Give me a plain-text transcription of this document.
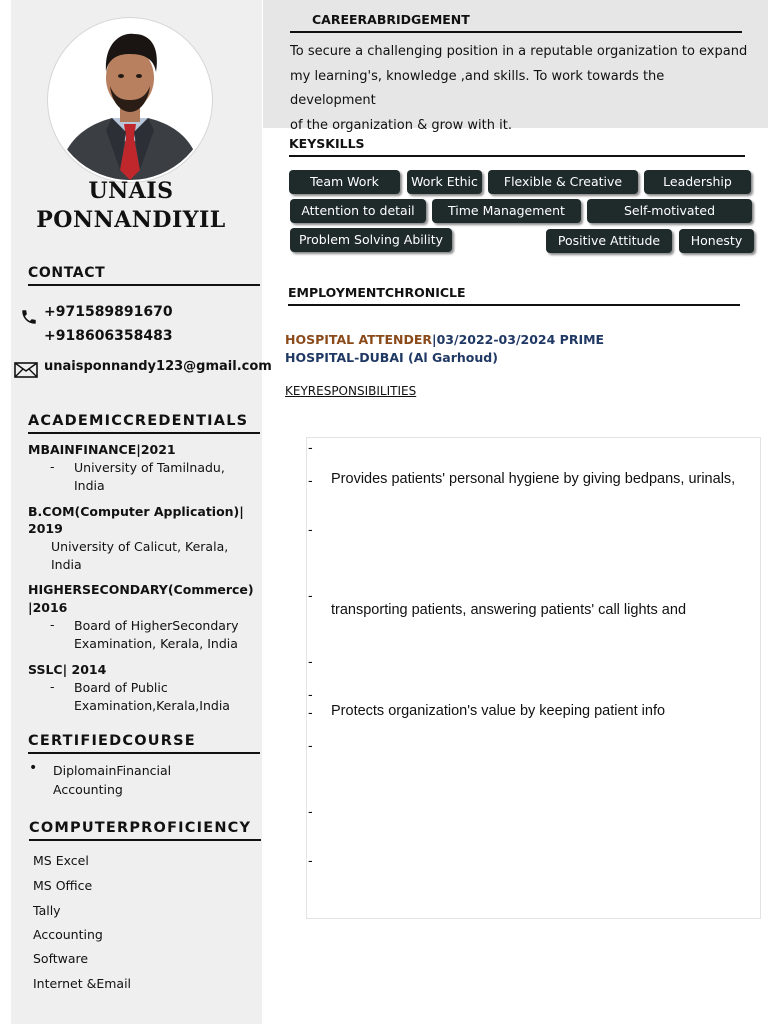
UNAIS
PONNANDIYIL
CONTACT
+971589891670
+918606358483
unaisponnandy123@gmail.com
ACADEMICCREDENTIALS
MBAINFINANCE|2021
- University of Tamilnadu,
India
B.COM(Computer Application)|
2019
University of Calicut, Kerala,
India
HIGHERSECONDARY(Commerce)
|2016
- Board of HigherSecondary
Examination, Kerala, India
SSLC| 2014
- Board of Public
Examination,Kerala,India
CERTIFIEDCOURSE
• DiplomainFinancial
Accounting
COMPUTERPROFICIENCY
MS Excel
MS Office
Tally
Accounting
Software
Internet &Email
CAREERABRIDGEMENT
To secure a challenging position in a reputable organization to expand
my learning's, knowledge ,and skills. To work towards the development
of the organization & grow with it.
KEYSKILLS
Team Work	Work Ethic	Flexible & Creative	Leadership
Attention to detail	Time Management	Self-motivated
Problem Solving Ability	Positive Attitude	Honesty
EMPLOYMENTCHRONICLE
HOSPITAL ATTENDER|03/2022-03/2024 PRIME
HOSPITAL-DUBAI (Al Garhoud)
KEYRESPONSIBILITIES
-
- Provides patients' personal hygiene by giving bedpans, urinals,
-
-
transporting patients, answering patients' call lights and
-
-
- Protects organization's value by keeping patient info
-
-
-
